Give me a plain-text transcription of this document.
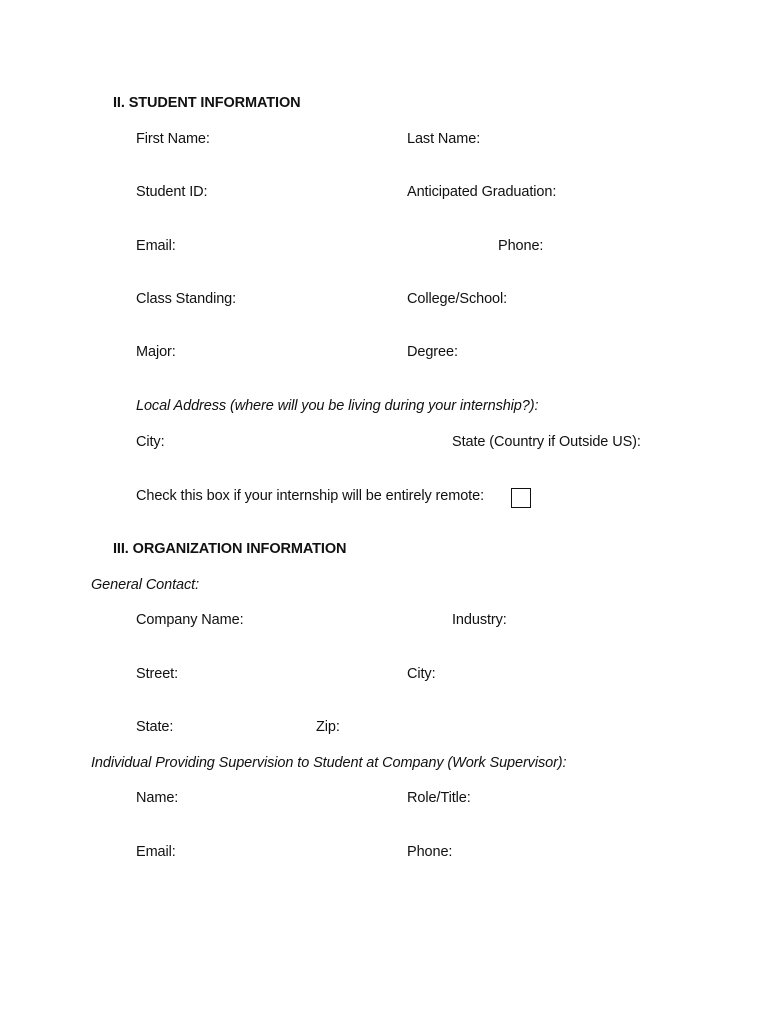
II. STUDENT INFORMATION
First Name:	Last Name:
Student ID:	Anticipated Graduation:
Email:	Phone:
Class Standing:	College/School:
Major:	Degree:
Local Address (where will you be living during your internship?):
City:	State (Country if Outside US):
Check this box if your internship will be entirely remote:
III. ORGANIZATION INFORMATION
General Contact:
Company Name:	Industry:
Street:	City:
State:	Zip:
Individual Providing Supervision to Student at Company (Work Supervisor):
Name:	Role/Title:
Email:	Phone:
